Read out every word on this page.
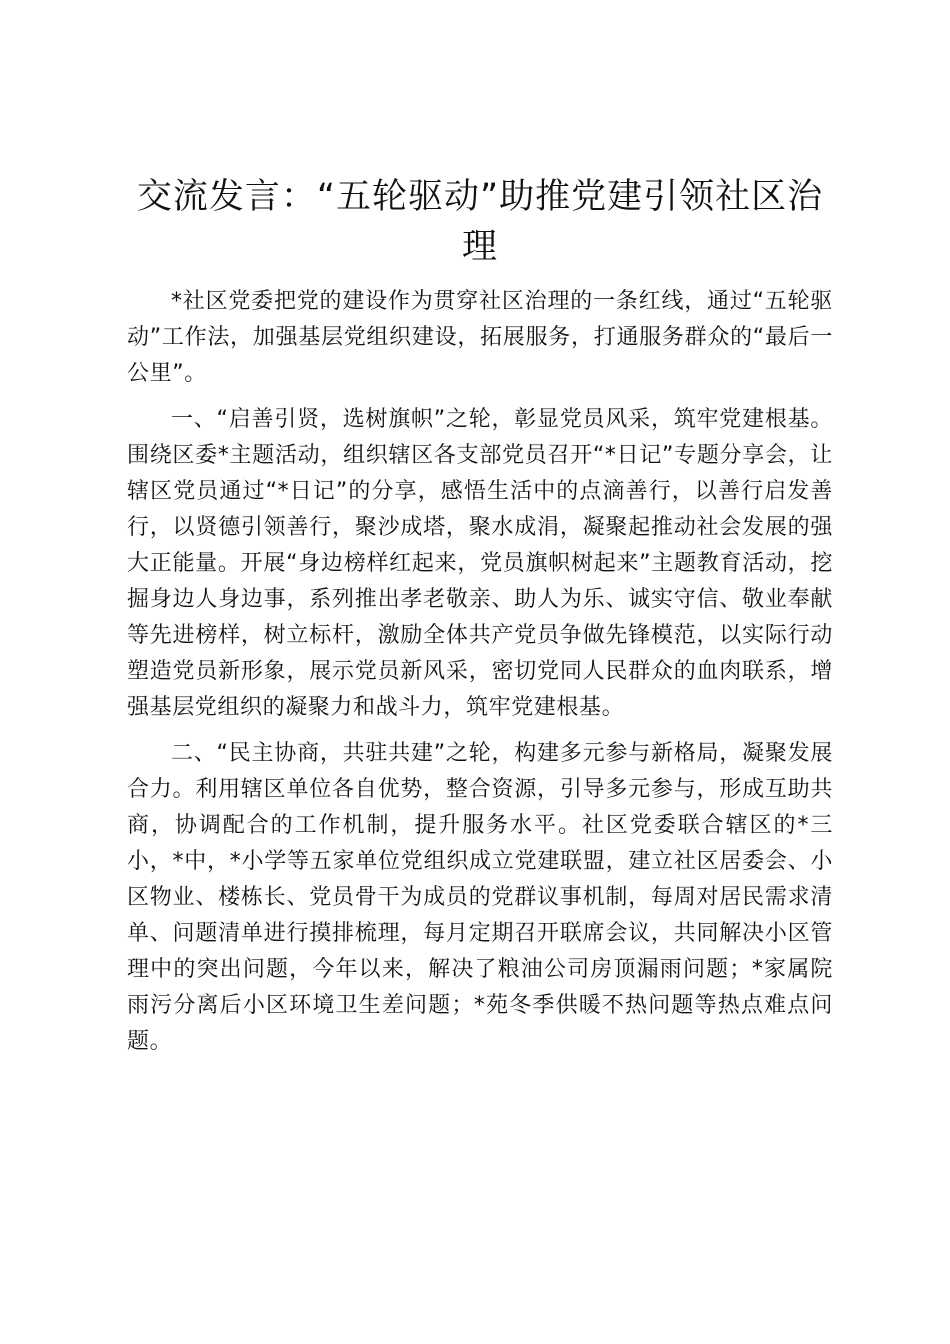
交流发言：“五轮驱动”助推党建引领社区治理

*社区党委把党的建设作为贯穿社区治理的一条红线，通过“五轮驱动”工作法，加强基层党组织建设，拓展服务，打通服务群众的“最后一公里”。

一、“启善引贤，选树旗帜”之轮，彰显党员风采，筑牢党建根基。围绕区委*主题活动，组织辖区各支部党员召开“*日记”专题分享会，让辖区党员通过“*日记”的分享，感悟生活中的点滴善行，以善行启发善行，以贤德引领善行，聚沙成塔，聚水成涓，凝聚起推动社会发展的强大正能量。开展“身边榜样红起来，党员旗帜树起来”主题教育活动，挖掘身边人身边事，系列推出孝老敬亲、助人为乐、诚实守信、敬业奉献等先进榜样，树立标杆，激励全体共产党员争做先锋模范，以实际行动塑造党员新形象，展示党员新风采，密切党同人民群众的血肉联系，增强基层党组织的凝聚力和战斗力，筑牢党建根基。

二、“民主协商，共驻共建”之轮，构建多元参与新格局，凝聚发展合力。利用辖区单位各自优势，整合资源，引导多元参与，形成互助共商，协调配合的工作机制，提升服务水平。社区党委联合辖区的*三小，*中，*小学等五家单位党组织成立党建联盟，建立社区居委会、小区物业、楼栋长、党员骨干为成员的党群议事机制，每周对居民需求清单、问题清单进行摸排梳理，每月定期召开联席会议，共同解决小区管理中的突出问题，今年以来，解决了粮油公司房顶漏雨问题；*家属院雨污分离后小区环境卫生差问题；*苑冬季供暖不热问题等热点难点问题。
